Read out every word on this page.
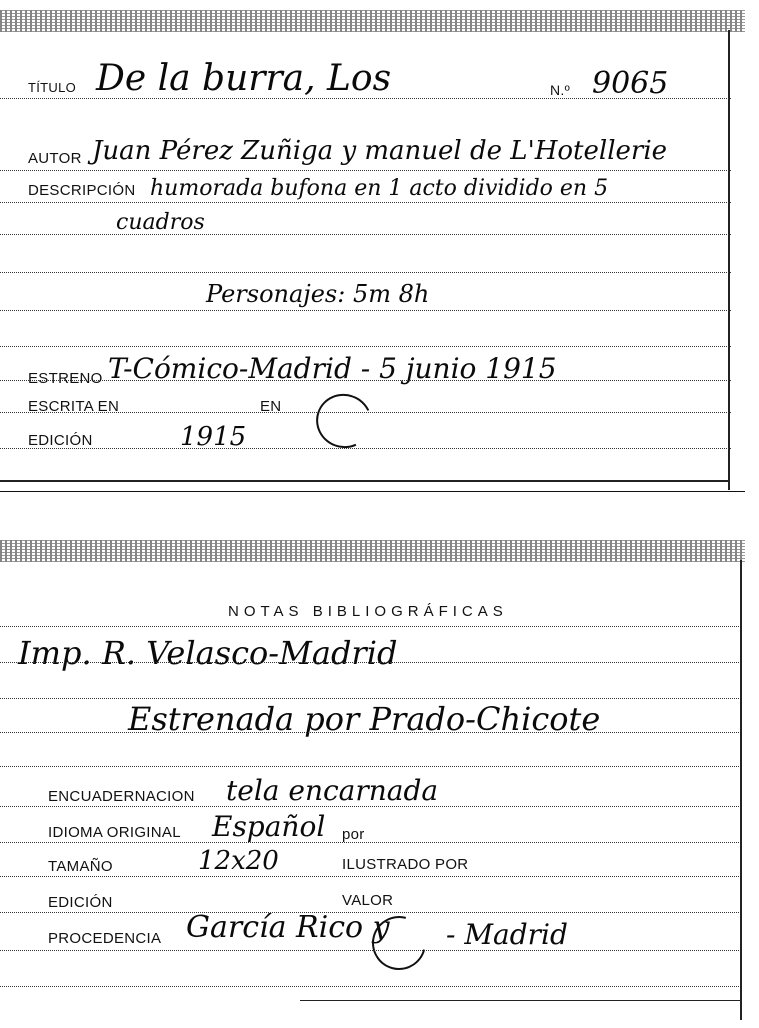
TÍTULO De la burra, Los	N.º 9065
AUTOR Juan Pérez Zuñiga y manuel de L'Hotellerie
DESCRIPCIÓN humorada bufona en 1 acto dividido en 5
cuadros
Personajes: 5m 8h
ESTRENO T-Cómico-Madrid - 5 junio 1915
ESCRITA EN	EN
EDICIÓN	1915
NOTAS BIBLIOGRÁFICAS
Imp. R. Velasco-Madrid
Estrenada por Prado-Chicote
ENCUADERNACION tela encarnada
IDIOMA ORIGINAL Español por
TAMAÑO	12x20	ILUSTRADO POR
EDICIÓN	VALOR
PROCEDENCIA García Rico y - Madrid
